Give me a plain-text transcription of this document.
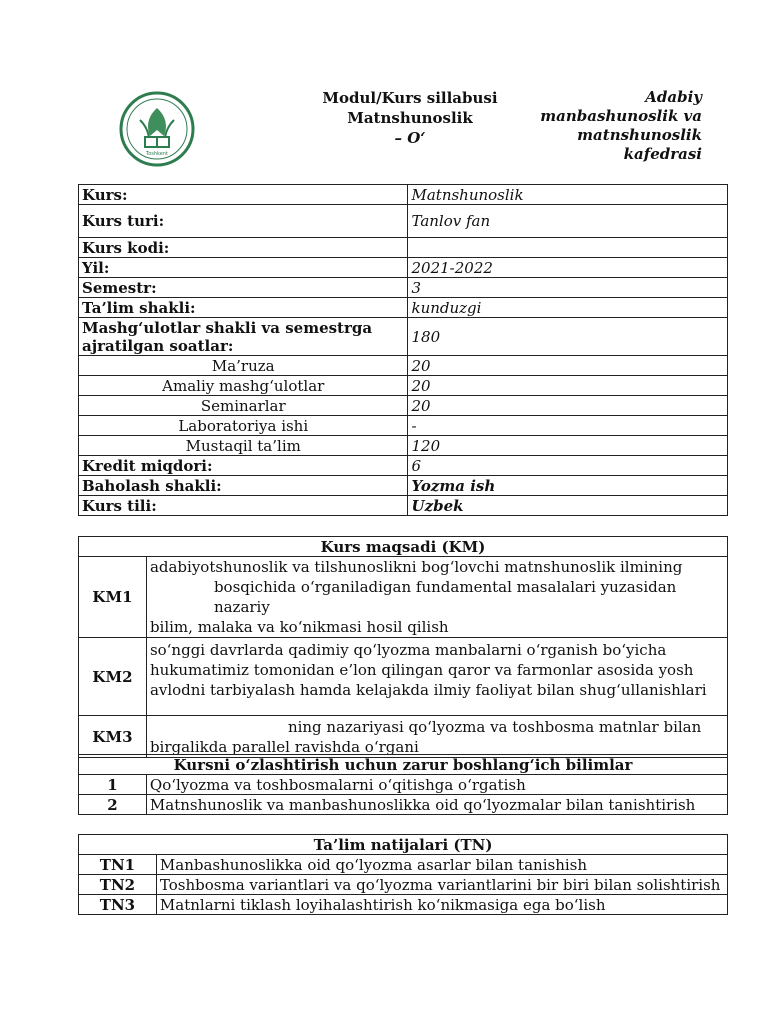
Toshkent
Modul/Kurs sillabusi
Matnshunoslik
– O‘
Adabiy
manbashunoslik va
matnshunoslik
kafedrasi
Kurs:	Matnshunoslik
Kurs turi:	Tanlov fan
Kurs kodi:	
Yil:	2021-2022
Semestr:	3
Ta’lim shakli:	kunduzgi
Mashg‘ulotlar shakli va semestrga ajratilgan soatlar:	180
Ma’ruza	20
Amaliy mashg‘ulotlar	20
Seminarlar	20
Laboratoriya ishi	-
Mustaqil ta’lim	120
Kredit miqdori:	6
Baholash shakli:	Yozma ish
Kurs tili:	Uzbek
Kurs maqsadi (KM)	
KM1	adabiyotshunoslik va tilshunoslikni bog‘lovchi matnshunoslik ilmining
bosqichida o‘rganiladigan fundamental masalalari yuzasidan nazariy
bilim, malaka va ko‘nikmasi hosil qilish

KM2	so‘nggi davrlarda qadimiy qo‘lyozma manbalarni o‘rganish bo‘yicha
hukumatimiz tomonidan e’lon qilingan qaror va farmonlar asosida yosh
avlodni tarbiyalash hamda kelajakda ilmiy faoliyat bilan shug‘ullanishlari

KM3	ning nazariyasi qo‘lyozma va toshbosma matnlar bilan
birgalikda parallel ravishda o‘rgani
Kursni o‘zlashtirish uchun zarur boshlang‘ich bilimlar	
1	Qo‘lyozma va toshbosmalarni o‘qitishga o‘rgatish
2	Matnshunoslik va manbashunoslikka oid qo‘lyozmalar bilan tanishtirish
Ta’lim natijalari (TN)	
TN1	Manbashunoslikka oid qo‘lyozma asarlar bilan tanishish
TN2	Toshbosma variantlari va qo‘lyozma variantlarini bir biri bilan solishtirish
TN3	Matnlarni tiklash loyihalashtirish ko‘nikmasiga ega bo‘lish
